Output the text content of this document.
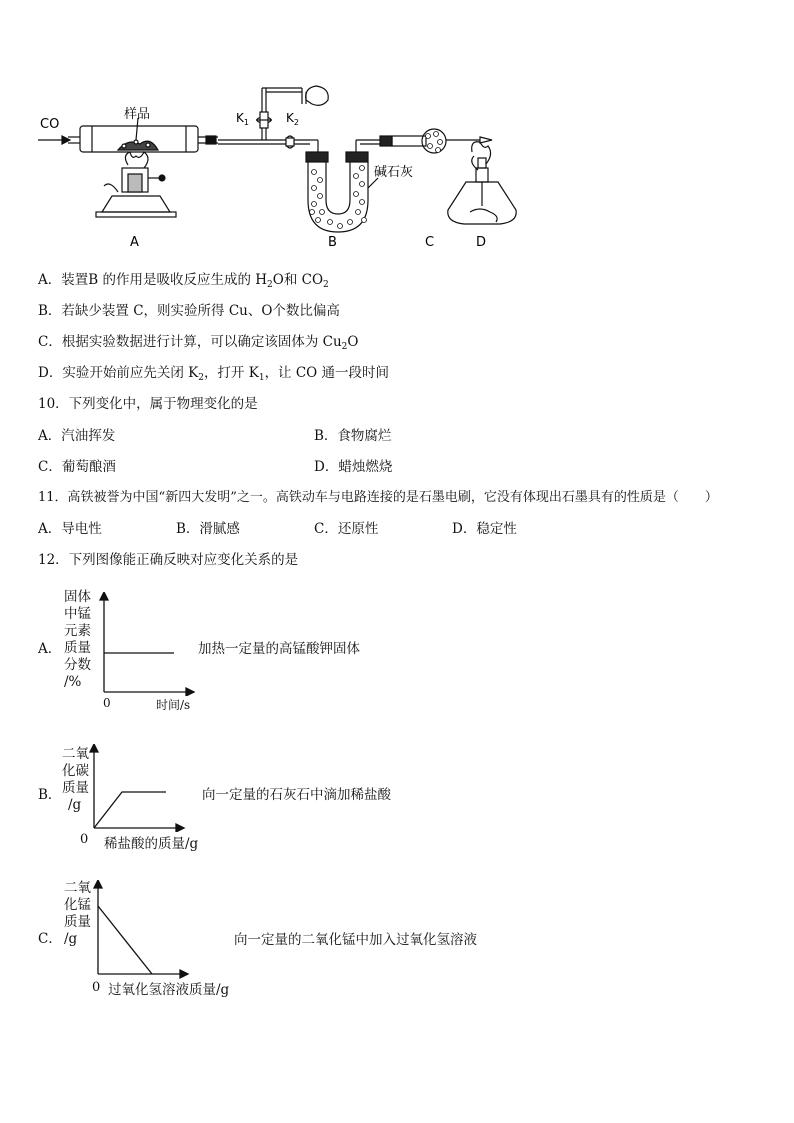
CO
样品	$K_1$	$K_2$
碱石灰
A	B	C	D
A．装置B 的作用是吸收反应生成的 $H_2O$和 $CO_2$
B．若缺少装置 C，则实验所得 Cu、O个数比偏高
C．根据实验数据进行计算，可以确定该固体为 $Cu_2O$
D．实验开始前应先关闭 $K_2$，打开 $K_1$，让 CO 通一段时间
10．下列变化中，属于物理变化的是
A．汽油挥发	B．食物腐烂
C．葡萄酿酒	D．蜡烛燃烧
11．高铁被誉为中国“新四大发明”之一。高铁动车与电路连接的是石墨电刷，它没有体现出石墨具有的性质是（　　）
A．导电性	B．滑腻感	C．还原性	D．稳定性
12．下列图像能正确反映对应变化关系的是
A．
固体
中锰
元素
质量
分数
/%
0	时间/s
加热一定量的高锰酸钾固体
B．
二氧
化碳
质量
/g
0 稀盐酸的质量/g
向一定量的石灰石中滴加稀盐酸
C．
二氧
化锰
质量
/g
0 过氧化氢溶液质量/g
向一定量的二氧化锰中加入过氧化氢溶液
